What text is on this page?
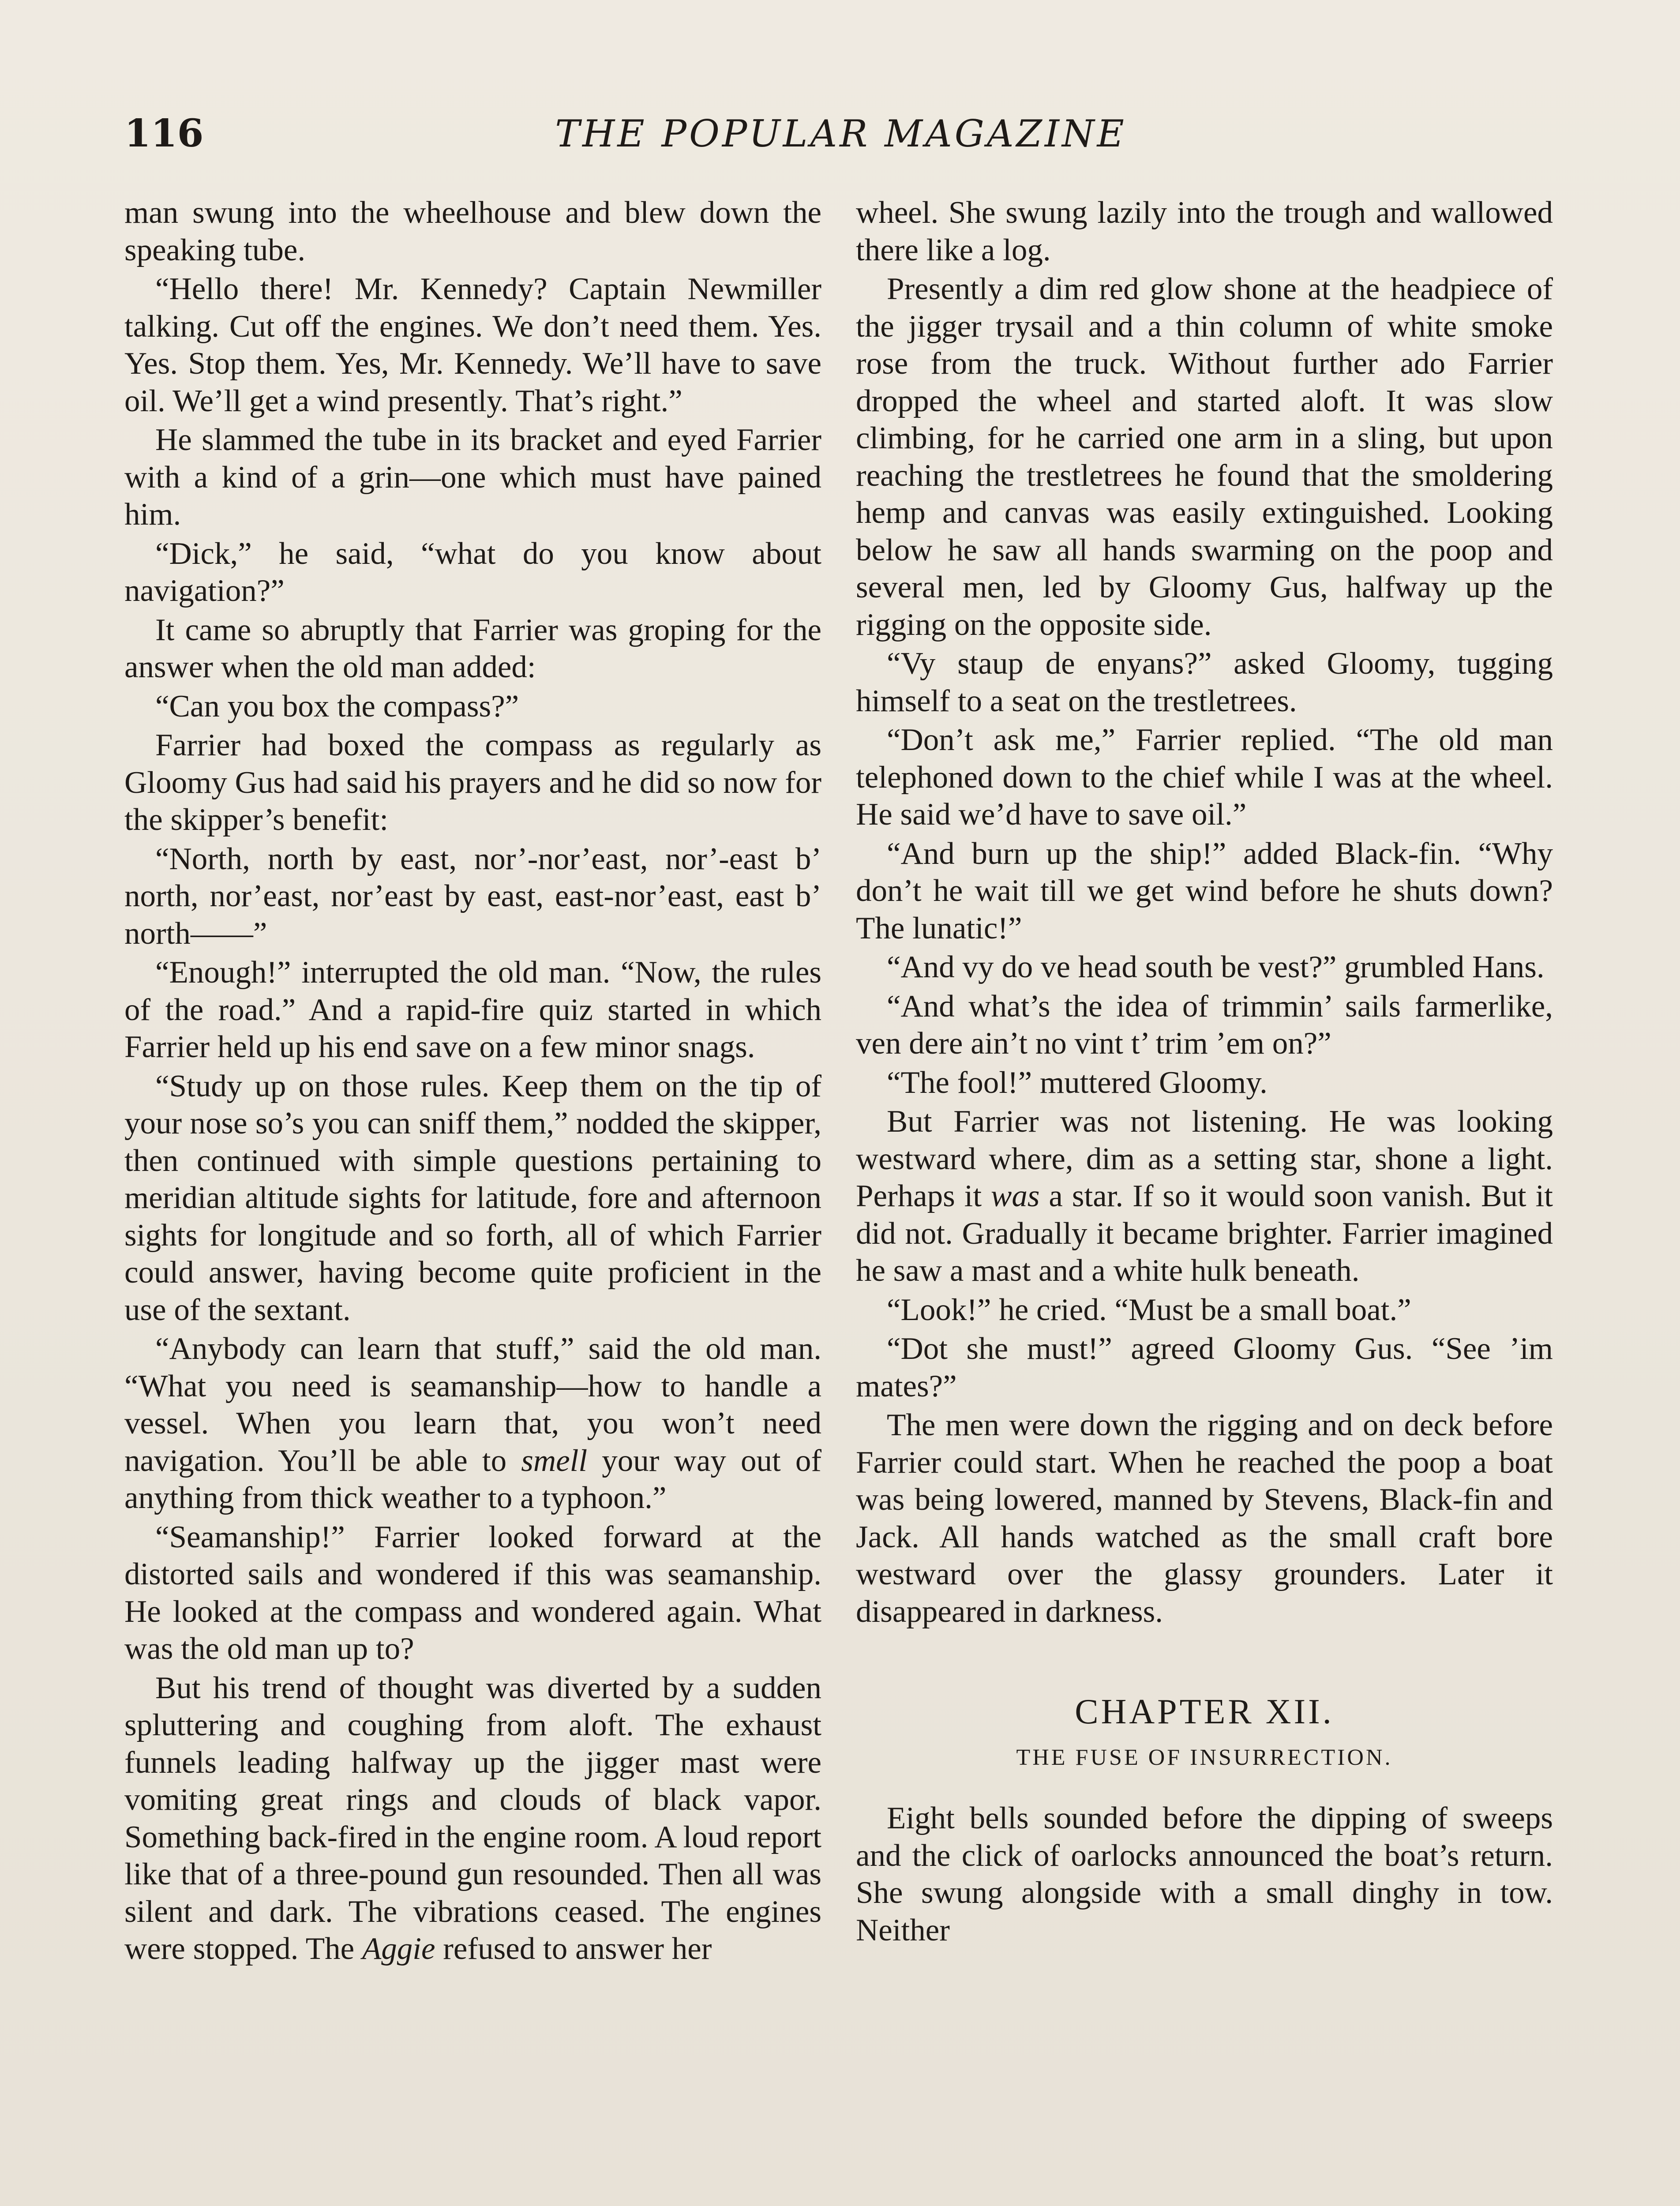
116	THE POPULAR MAGAZINE

man swung into the wheelhouse and blew down the speaking tube.

“Hello there! Mr. Kennedy? Captain Newmiller talking. Cut off the engines. We don’t need them. Yes. Yes. Stop them. Yes, Mr. Kennedy. We’ll have to save oil. We’ll get a wind presently. That’s right.”

He slammed the tube in its bracket and eyed Farrier with a kind of a grin—one which must have pained him.

“Dick,” he said, “what do you know about navigation?”

It came so abruptly that Farrier was groping for the answer when the old man added:

“Can you box the compass?”

Farrier had boxed the compass as regularly as Gloomy Gus had said his prayers and he did so now for the skipper’s benefit:

“North, north by east, nor’-nor’east, nor’-east b’ north, nor’east, nor’east by east, east-nor’east, east b’ north——”

“Enough!” interrupted the old man. “Now, the rules of the road.” And a rapid-fire quiz started in which Farrier held up his end save on a few minor snags.

“Study up on those rules. Keep them on the tip of your nose so’s you can sniff them,” nodded the skipper, then continued with simple questions pertaining to meridian altitude sights for latitude, fore and afternoon sights for longitude and so forth, all of which Farrier could answer, having become quite proficient in the use of the sextant.

“Anybody can learn that stuff,” said the old man. “What you need is seamanship—how to handle a vessel. When you learn that, you won’t need navigation. You’ll be able to smell your way out of anything from thick weather to a typhoon.”

“Seamanship!” Farrier looked forward at the distorted sails and wondered if this was seamanship. He looked at the compass and wondered again. What was the old man up to?

But his trend of thought was diverted by a sudden spluttering and coughing from aloft. The exhaust funnels leading halfway up the jigger mast were vomiting great rings and clouds of black vapor. Something back-fired in the engine room. A loud report like that of a three-pound gun resounded. Then all was silent and dark. The vibrations ceased. The engines were stopped. The Aggie refused to answer her

wheel. She swung lazily into the trough and wallowed there like a log.

Presently a dim red glow shone at the headpiece of the jigger trysail and a thin column of white smoke rose from the truck. Without further ado Farrier dropped the wheel and started aloft. It was slow climbing, for he carried one arm in a sling, but upon reaching the trestletrees he found that the smoldering hemp and canvas was easily extinguished. Looking below he saw all hands swarming on the poop and several men, led by Gloomy Gus, halfway up the rigging on the opposite side.

“Vy staup de enyans?” asked Gloomy, tugging himself to a seat on the trestletrees.

“Don’t ask me,” Farrier replied. “The old man telephoned down to the chief while I was at the wheel. He said we’d have to save oil.”

“And burn up the ship!” added Black-fin. “Why don’t he wait till we get wind before he shuts down? The lunatic!”

“And vy do ve head south be vest?” grumbled Hans.

“And what’s the idea of trimmin’ sails farmerlike, ven dere ain’t no vint t’ trim ’em on?”

“The fool!” muttered Gloomy.

But Farrier was not listening. He was looking westward where, dim as a setting star, shone a light. Perhaps it was a star. If so it would soon vanish. But it did not. Gradually it became brighter. Farrier imagined he saw a mast and a white hulk beneath.

“Look!” he cried. “Must be a small boat.”

“Dot she must!” agreed Gloomy Gus. “See ’im mates?”

The men were down the rigging and on deck before Farrier could start. When he reached the poop a boat was being lowered, manned by Stevens, Black-fin and Jack. All hands watched as the small craft bore westward over the glassy grounders. Later it disappeared in darkness.

CHAPTER XII.
THE FUSE OF INSURRECTION.

Eight bells sounded before the dipping of sweeps and the click of oarlocks announced the boat’s return. She swung alongside with a small dinghy in tow. Neither
